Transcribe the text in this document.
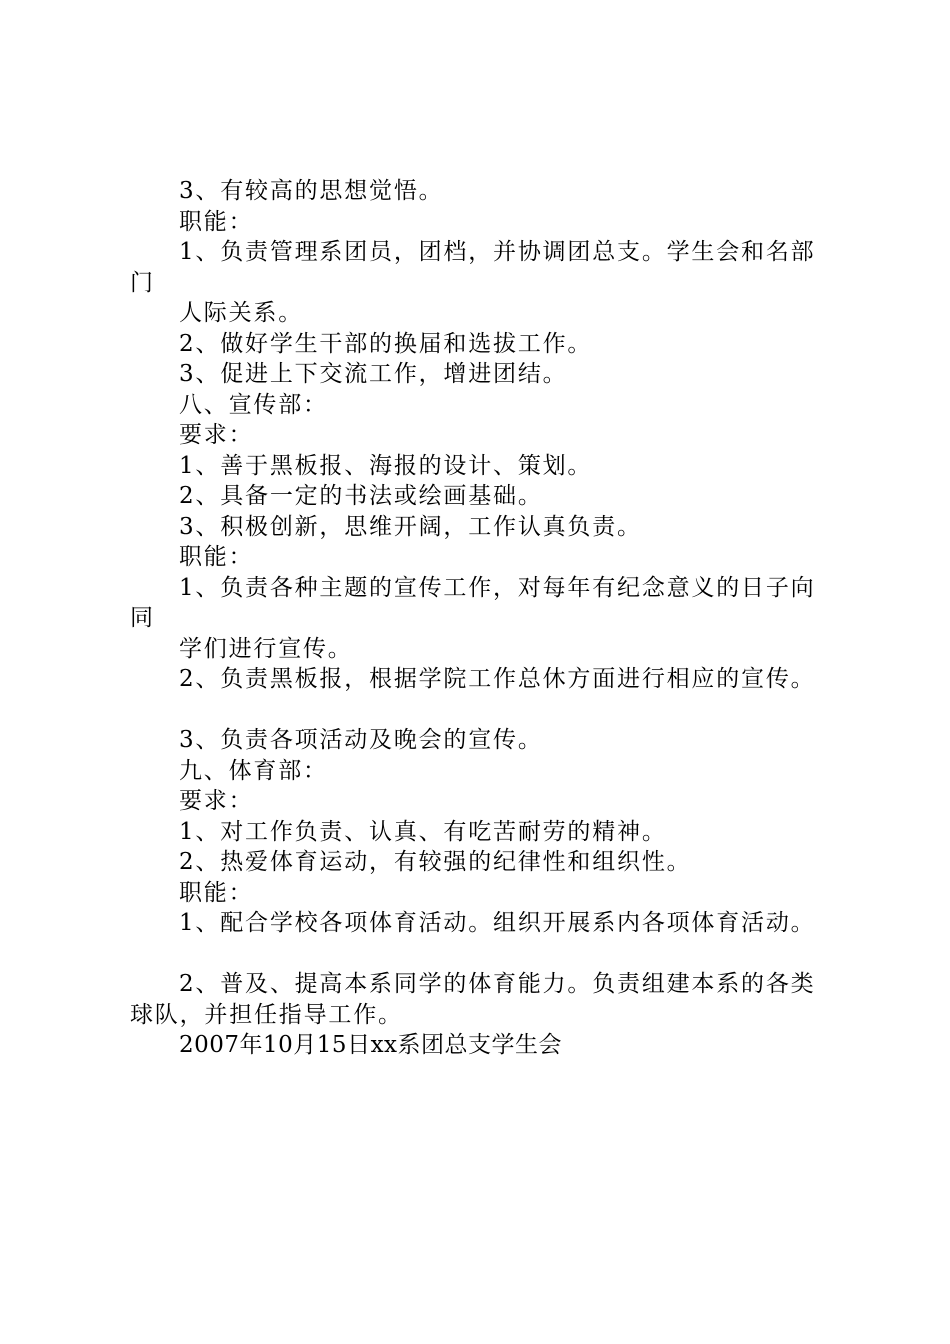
3、有较高的思想觉悟。
职能：
1、负责管理系团员，团档，并协调团总支。学生会和名部
门
人际关系。
2、做好学生干部的换届和选拔工作。
3、促进上下交流工作，增进团结。
八、宣传部：
要求：
1、善于黑板报、海报的设计、策划。
2、具备一定的书法或绘画基础。
3、积极创新，思维开阔，工作认真负责。
职能：
1、负责各种主题的宣传工作，对每年有纪念意义的日子向
同
学们进行宣传。
2、负责黑板报，根据学院工作总休方面进行相应的宣传。
3、负责各项活动及晚会的宣传。
九、体育部：
要求：
1、对工作负责、认真、有吃苦耐劳的精神。
2、热爱体育运动，有较强的纪律性和组织性。
职能：
1、配合学校各项体育活动。组织开展系内各项体育活动。
2、普及、提高本系同学的体育能力。负责组建本系的各类
球队，并担任指导工作。
2007年10月15日xx系团总支学生会
